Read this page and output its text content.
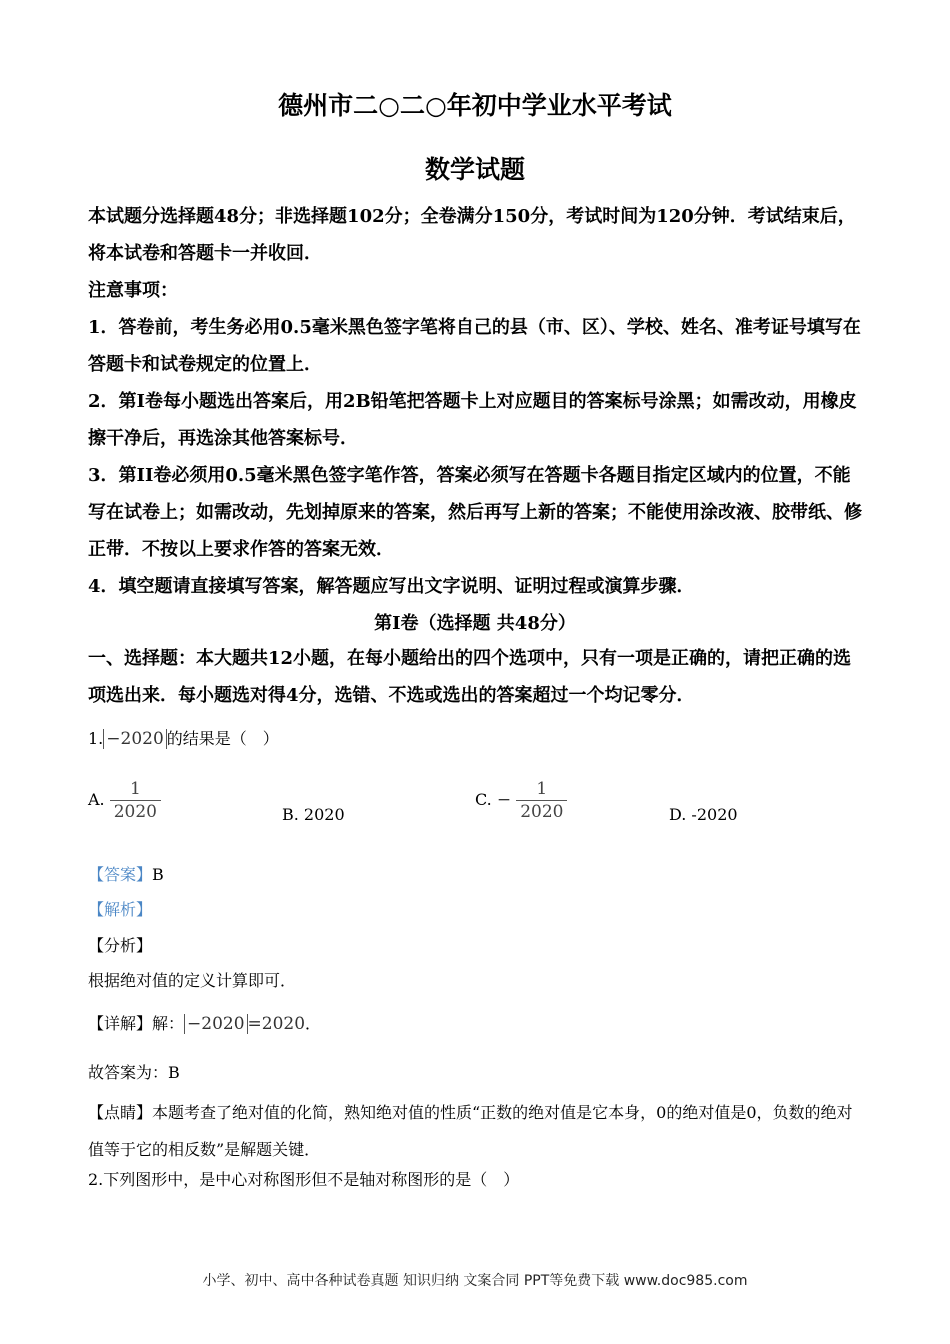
德州市二○二○年初中学业水平考试
数学试题

本试题分选择题48分；非选择题102分；全卷满分150分，考试时间为120分钟．考试结束后，将本试卷和答题卡一并收回．

注意事项：

1．答卷前，考生务必用0.5毫米黑色签字笔将自己的县（市、区）、学校、姓名、准考证号填写在答题卡和试卷规定的位置上．

2．第I卷每小题选出答案后，用2B铅笔把答题卡上对应题目的答案标号涂黑；如需改动，用橡皮擦干净后，再选涂其他答案标号．

3．第II卷必须用0.5毫米黑色签字笔作答，答案必须写在答题卡各题目指定区域内的位置，不能写在试卷上；如需改动，先划掉原来的答案，然后再写上新的答案；不能使用涂改液、胶带纸、修正带．不按以上要求作答的答案无效．

4．填空题请直接填写答案，解答题应写出文字说明、证明过程或演算步骤．

第I卷（选择题 共48分）

一、选择题：本大题共12小题，在每小题给出的四个选项中，只有一项是正确的，请把正确的选项选出来．每小题选对得4分，选错、不选或选出的答案超过一个均记零分．

1. −2020 的结果是（　）
A. $\frac{1}{2020}$	B. 2020
C. − $\frac{1}{2020}$	D. -2020
【答案】B
【解析】
【分析】
根据绝对值的定义计算即可．
【详解】解： −2020 =2020．
故答案为：B

【点睛】本题考查了绝对值的化简，熟知绝对值的性质“正数的绝对值是它本身，0的绝对值是0，负数的绝对值等于它的相反数”是解题关键．

2.下列图形中，是中心对称图形但不是轴对称图形的是（　）
小学、初中、高中各种试卷真题 知识归纳 文案合同 PPT等免费下载 www.doc985.com
